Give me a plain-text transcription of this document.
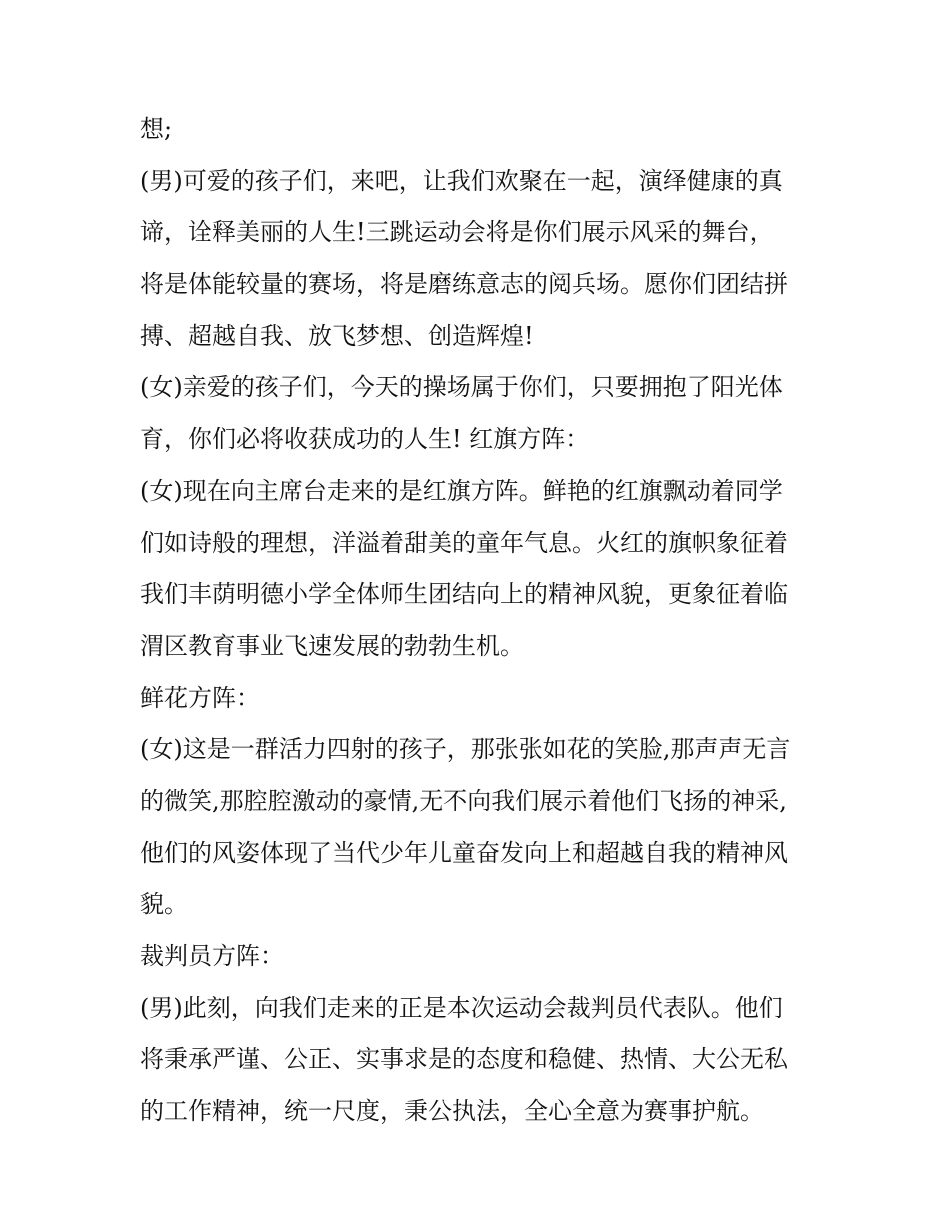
想;
(男)可爱的孩子们，来吧，让我们欢聚在一起，演绎健康的真
谛，诠释美丽的人生!三跳运动会将是你们展示风采的舞台，
将是体能较量的赛场，将是磨练意志的阅兵场。愿你们团结拼
搏、超越自我、放飞梦想、创造辉煌!
(女)亲爱的孩子们，今天的操场属于你们，只要拥抱了阳光体
育，你们必将收获成功的人生! 红旗方阵：
(女)现在向主席台走来的是红旗方阵。鲜艳的红旗飘动着同学
们如诗般的理想，洋溢着甜美的童年气息。火红的旗帜象征着
我们丰荫明德小学全体师生团结向上的精神风貌，更象征着临
渭区教育事业飞速发展的勃勃生机。
鲜花方阵：
(女)这是一群活力四射的孩子，那张张如花的笑脸,那声声无言
的微笑,那腔腔激动的豪情,无不向我们展示着他们飞扬的神采,
他们的风姿体现了当代少年儿童奋发向上和超越自我的精神风
貌。
裁判员方阵：
(男)此刻，向我们走来的正是本次运动会裁判员代表队。他们
将秉承严谨、公正、实事求是的态度和稳健、热情、大公无私
的工作精神，统一尺度，秉公执法，全心全意为赛事护航。
